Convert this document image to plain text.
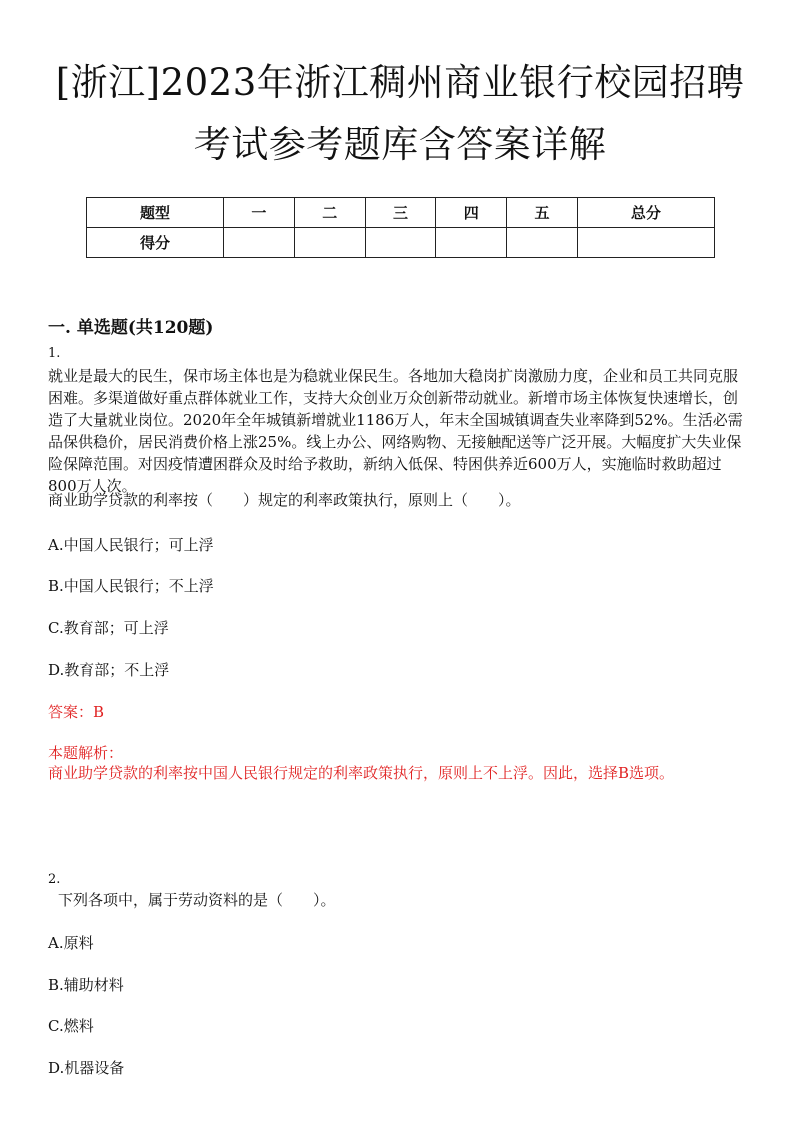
[浙江]2023年浙江稠州商业银行校园招聘
考试参考题库含答案详解
题型	一	二	三	四	五	总分
得分						
一. 单选题(共120题)
1.
就业是最大的民生，保市场主体也是为稳就业保民生。各地加大稳岗扩岗激励力度，企业和员工共同克服困难。多渠道做好重点群体就业工作，支持大众创业万众创新带动就业。新增市场主体恢复快速增长，创造了大量就业岗位。2020年全年城镇新增就业1186万人，年末全国城镇调查失业率降到52%。生活必需品保供稳价，居民消费价格上涨25%。线上办公、网络购物、无接触配送等广泛开展。大幅度扩大失业保险保障范围。对因疫情遭困群众及时给予救助，新纳入低保、特困供养近600万人，实施临时救助超过800万人次。
商业助学贷款的利率按（　　）规定的利率政策执行，原则上（　　）。
A.中国人民银行；可上浮
B.中国人民银行；不上浮
C.教育部；可上浮
D.教育部；不上浮
答案：B
本题解析：
商业助学贷款的利率按中国人民银行规定的利率政策执行，原则上不上浮。因此，选择B选项。
2.
下列各项中，属于劳动资料的是（　　）。
A.原料
B.辅助材料
C.燃料
D.机器设备
